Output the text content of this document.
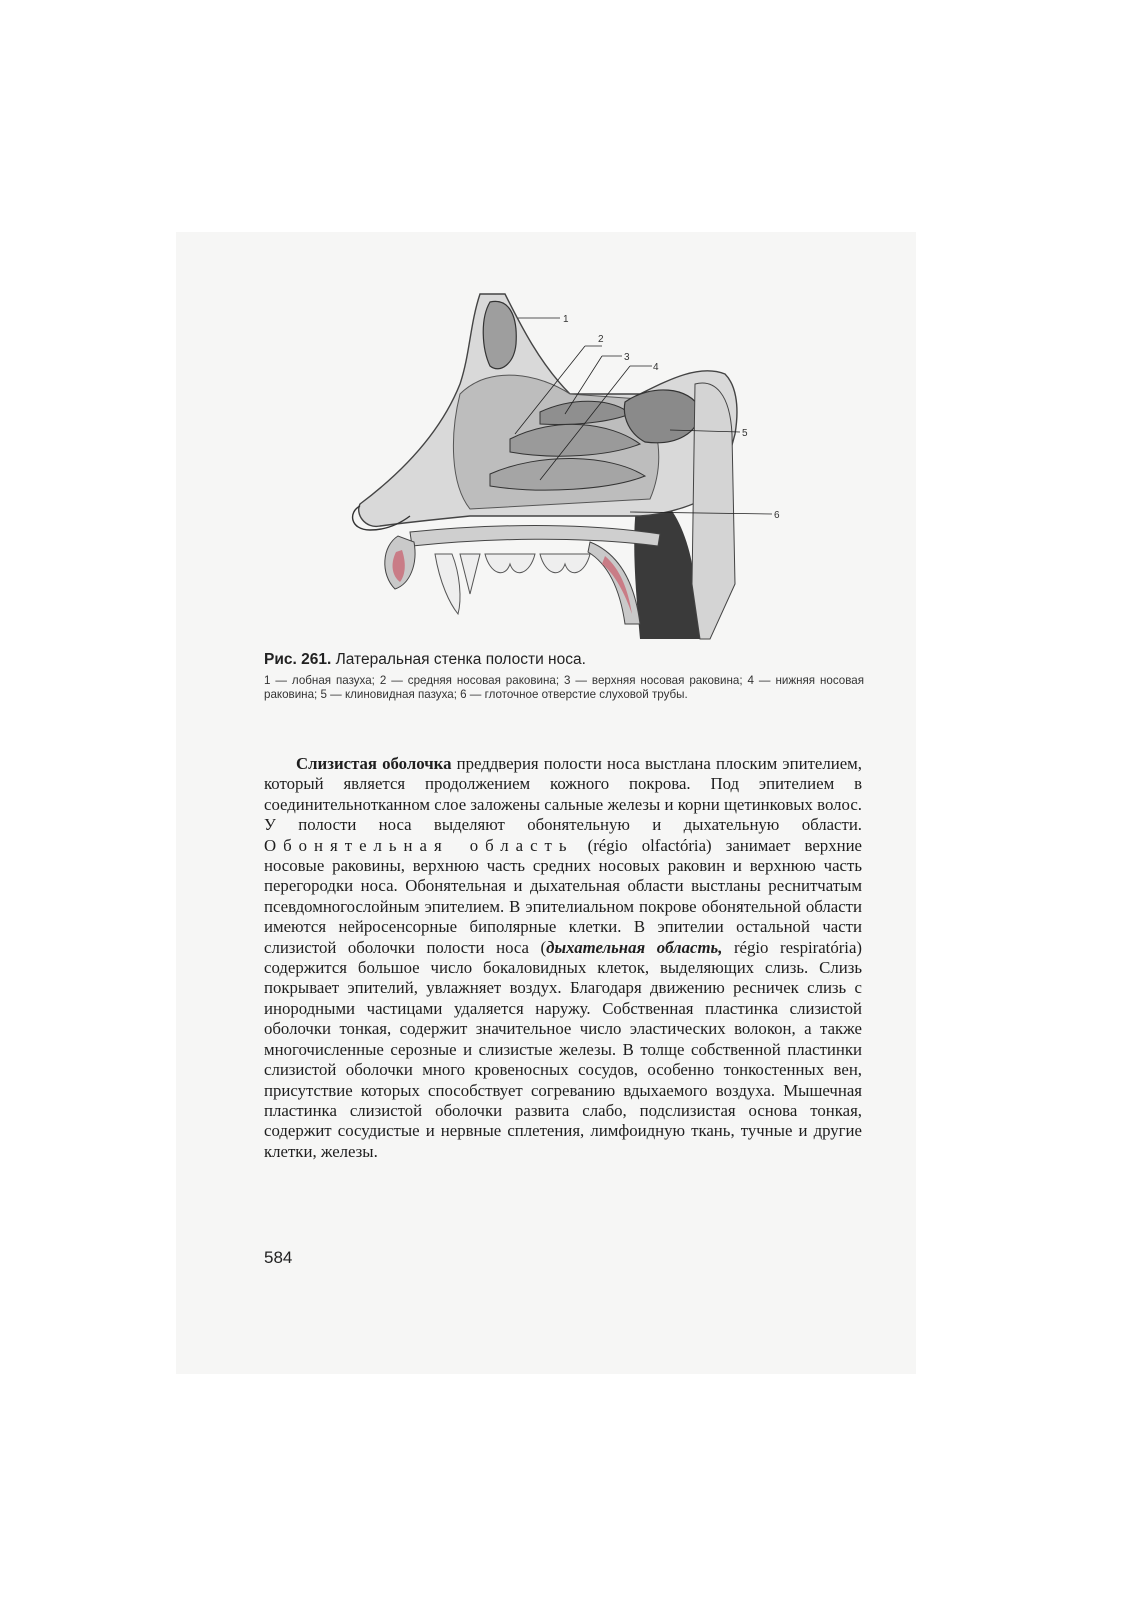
1
2
3
4
5
6
Рис. 261. Латеральная стенка полости носа.
1 — лобная пазуха; 2 — средняя носовая раковина; 3 — верхняя носовая раковина; 4 — нижняя носовая раковина; 5 — клиновидная пазуха; 6 — глоточное отверстие слуховой трубы.
Слизистая оболочка преддверия полости носа выстлана плоским эпителием, который является продолжением кожного покрова. Под эпителием в соединительнотканном слое заложены сальные железы и корни щетинковых волос. У полости носа выделяют обонятельную и дыхательную области. Обонятельная область (régio olfactória) занимает верхние носовые раковины, верхнюю часть средних носовых раковин и верхнюю часть перегородки носа. Обонятельная и дыхательная области выстланы реснитчатым псевдомногослойным эпителием. В эпителиальном покрове обонятельной области имеются нейросенсорные биполярные клетки. В эпителии остальной части слизистой оболочки полости носа (дыхательная область, régio respiratória) содержится большое число бокаловидных клеток, выделяющих слизь. Слизь покрывает эпителий, увлажняет воздух. Благодаря движению ресничек слизь с инородными частицами удаляется наружу. Собственная пластинка слизистой оболочки тонкая, содержит значительное число эластических волокон, а также многочисленные серозные и слизистые железы. В толще собственной пластинки слизистой оболочки много кровеносных сосудов, особенно тонкостенных вен, присутствие которых способствует согреванию вдыхаемого воздуха. Мышечная пластинка слизистой оболочки развита слабо, подслизистая основа тонкая, содержит сосудистые и нервные сплетения, лимфоидную ткань, тучные и другие клетки, железы.
584
